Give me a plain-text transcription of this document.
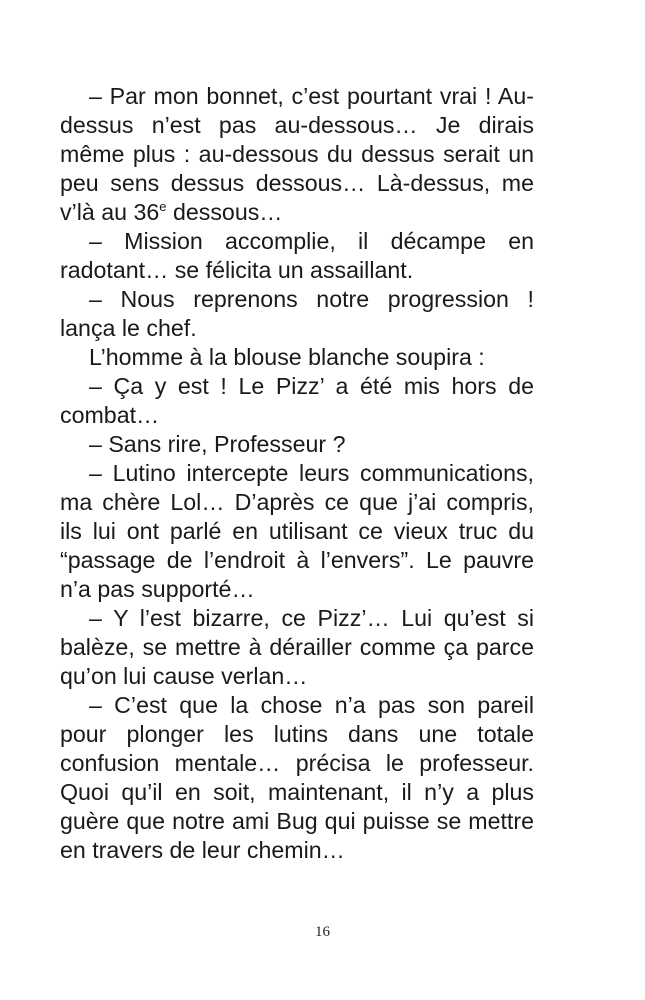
– Par mon bonnet, c’est pourtant vrai ! Au-dessus n’est pas au-dessous… Je dirais même plus : au-dessous du dessus serait un peu sens dessus dessous… Là-dessus, me v’là au 36e dessous…

– Mission accomplie, il décampe en radotant… se félicita un assaillant.

– Nous reprenons notre progression ! lança le chef.

L’homme à la blouse blanche soupira :

– Ça y est ! Le Pizz’ a été mis hors de combat…

– Sans rire, Professeur ?

– Lutino intercepte leurs communications, ma chère Lol… D’après ce que j’ai compris, ils lui ont parlé en utilisant ce vieux truc du “passage de l’endroit à l’envers”. Le pauvre n’a pas supporté…

– Y l’est bizarre, ce Pizz’… Lui qu’est si balèze, se mettre à dérailler comme ça parce qu’on lui cause verlan…

– C’est que la chose n’a pas son pareil pour plonger les lutins dans une totale confusion mentale… précisa le professeur. Quoi qu’il en soit, maintenant, il n’y a plus guère que notre ami Bug qui puisse se mettre en travers de leur chemin…

16
